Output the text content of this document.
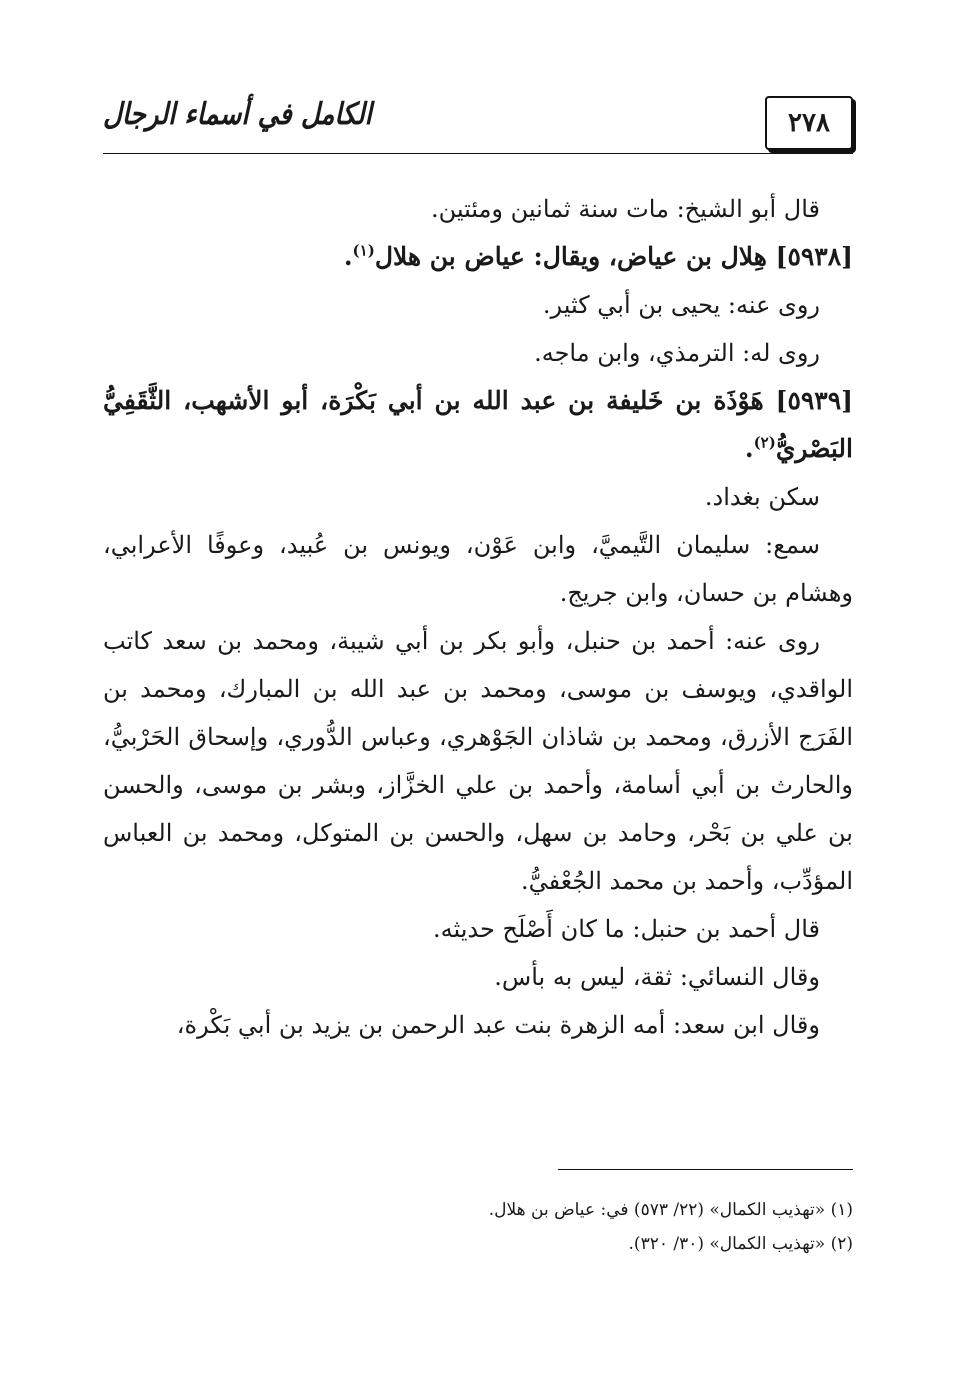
٢٧٨
الكامل في أسماء الرجال
قال أبو الشيخ: مات سنة ثمانين ومئتين.
[٥٩٣٨] هِلال بن عياض، ويقال: عياض بن هلال$^{(١)}$.
روى عنه: يحيى بن أبي كثير.
روى له: الترمذي، وابن ماجه.
[٥٩٣٩] هَوْذَة بن خَليفة بن عبد الله بن أبي بَكْرَة، أبو الأشهب، الثَّقَفِيُّ البَصْريُّ$^{(٢)}$.
سكن بغداد.
سمع: سليمان التَّيميَّ، وابن عَوْن، ويونس بن عُبيد، وعوفًا الأعرابي، وهشام بن حسان، وابن جريج.
روى عنه: أحمد بن حنبل، وأبو بكر بن أبي شيبة، ومحمد بن سعد كاتب الواقدي، ويوسف بن موسى، ومحمد بن عبد الله بن المبارك، ومحمد بن الفَرَج الأزرق، ومحمد بن شاذان الجَوْهري، وعباس الدُّوري، وإسحاق الحَرْبيُّ، والحارث بن أبي أسامة، وأحمد بن علي الخزَّاز، وبشر بن موسى، والحسن بن علي بن بَحْر، وحامد بن سهل، والحسن بن المتوكل، ومحمد بن العباس المؤدِّب، وأحمد بن محمد الجُعْفيُّ.
قال أحمد بن حنبل: ما كان أَصْلَح حديثه.
وقال النسائي: ثقة، ليس به بأس.
وقال ابن سعد: أمه الزهرة بنت عبد الرحمن بن يزيد بن أبي بَكْرة،
(١) «تهذيب الكمال» (٢٢/ ٥٧٣) في: عياض بن هلال.
(٢) «تهذيب الكمال» (٣٠/ ٣٢٠).
